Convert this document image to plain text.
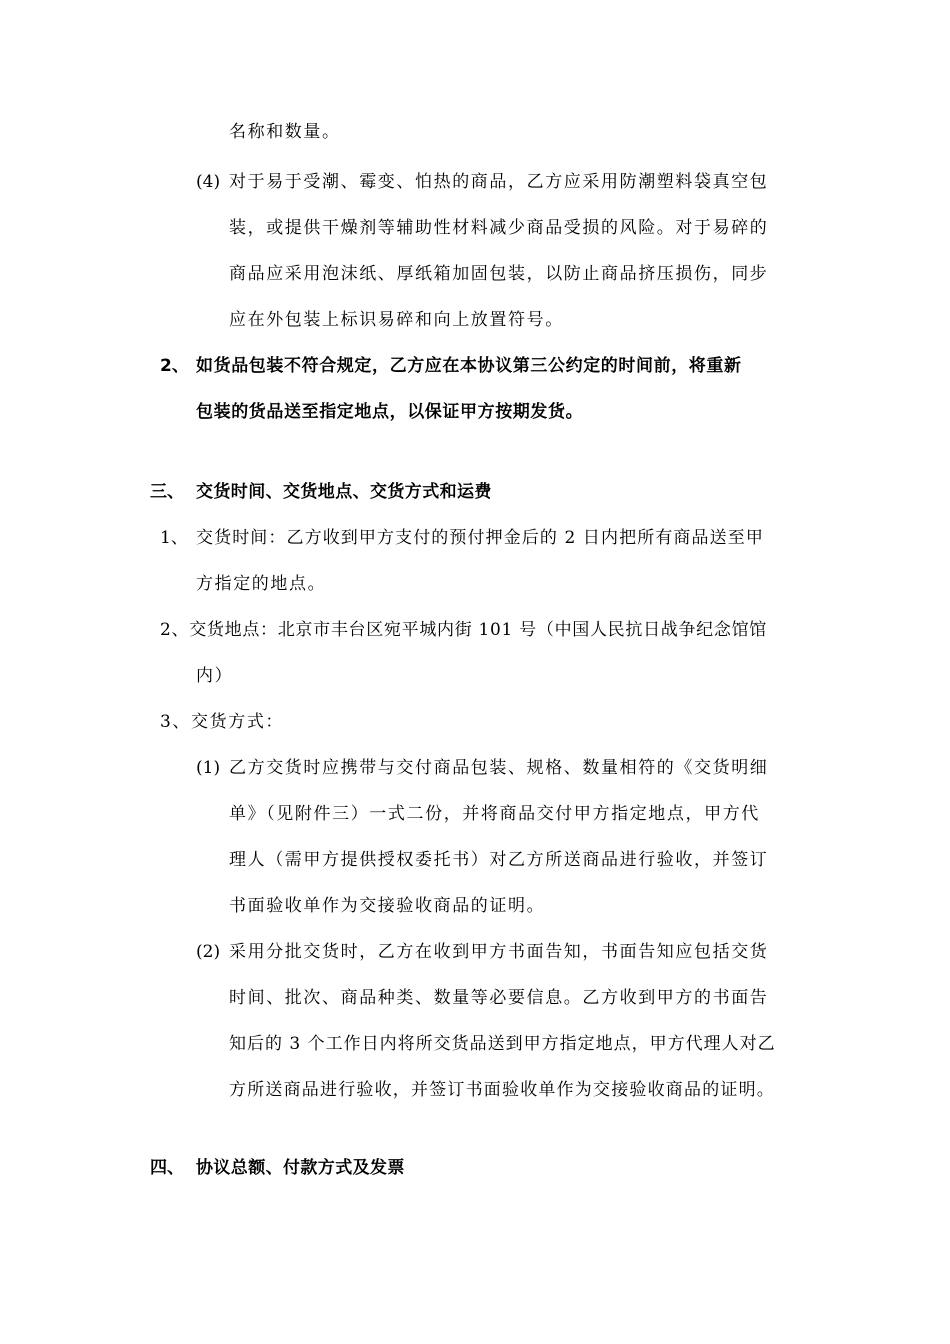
名称和数量。
(4) 对于易于受潮、霉变、怕热的商品，乙方应采用防潮塑料袋真空包
装，或提供干燥剂等辅助性材料减少商品受损的风险。对于易碎的
商品应采用泡沫纸、厚纸箱加固包装，以防止商品挤压损伤，同步
应在外包装上标识易碎和向上放置符号。
2、 如货品包装不符合规定，乙方应在本协议第三公约定的时间前，将重新
包装的货品送至指定地点，以保证甲方按期发货。
三、 交货时间、交货地点、交货方式和运费
1、 交货时间：乙方收到甲方支付的预付押金后的 2 日内把所有商品送至甲
方指定的地点。
2、交货地点：北京市丰台区宛平城内街 101 号（中国人民抗日战争纪念馆馆
内）
3、交货方式：
(1) 乙方交货时应携带与交付商品包装、规格、数量相符的《交货明细
单》（见附件三）一式二份，并将商品交付甲方指定地点，甲方代
理人（需甲方提供授权委托书）对乙方所送商品进行验收，并签订
书面验收单作为交接验收商品的证明。
(2) 采用分批交货时，乙方在收到甲方书面告知，书面告知应包括交货
时间、批次、商品种类、数量等必要信息。乙方收到甲方的书面告
知后的 3 个工作日内将所交货品送到甲方指定地点，甲方代理人对乙
方所送商品进行验收，并签订书面验收单作为交接验收商品的证明。
四、 协议总额、付款方式及发票
